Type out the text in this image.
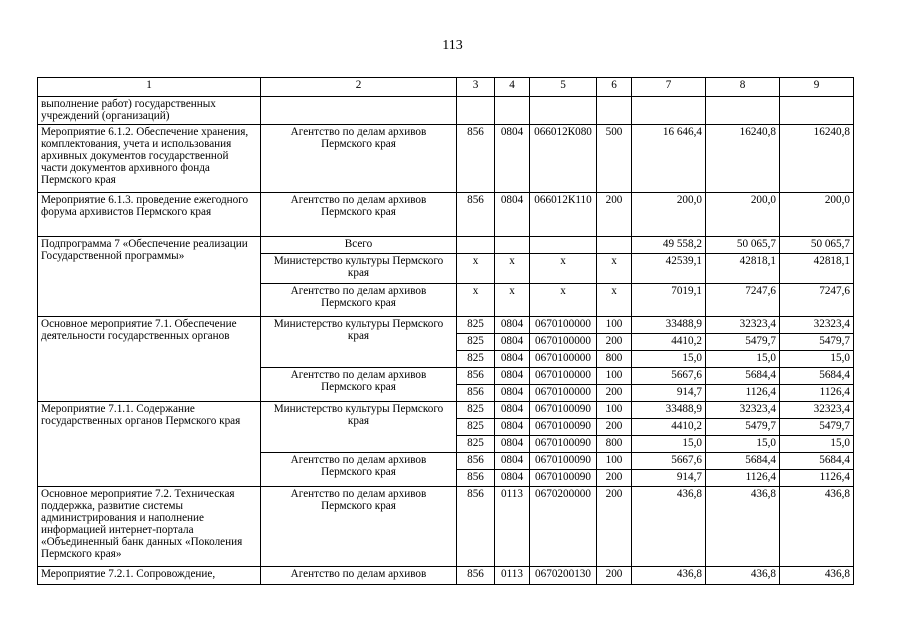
113
1	2	3	4	5	6	7	8	9
выполнение работ) государственных учреждений (организаций)								
Мероприятие 6.1.2. Обеспечение хранения, комплектования, учета и использования архивных документов государственной части документов архивного фонда Пермского края	Агентство по делам архивов Пермского края	856	0804	066012К080	500	16 646,4	16240,8	16240,8
Мероприятие 6.1.3. проведение ежегодного форума архивистов Пермского края	Агентство по делам архивов Пермского края	856	0804	066012К110	200	200,0	200,0	200,0
Подпрограмма 7 «Обеспечение реализации Государственной программы»	Всего					49 558,2	50 065,7	50 065,7
	Министерство культуры Пермского края	x	x	x	x	42539,1	42818,1	42818,1
	Агентство по делам архивов Пермского края	x	x	x	x	7019,1	7247,6	7247,6
Основное мероприятие 7.1. Обеспечение деятельности государственных органов	Министерство культуры Пермского края	825	0804	0670100000	100	33488,9	32323,4	32323,4
		825	0804	0670100000	200	4410,2	5479,7	5479,7
		825	0804	0670100000	800	15,0	15,0	15,0
	Агентство по делам архивов Пермского края	856	0804	0670100000	100	5667,6	5684,4	5684,4
		856	0804	0670100000	200	914,7	1126,4	1126,4
Мероприятие 7.1.1. Содержание государственных органов Пермского края	Министерство культуры Пермского края	825	0804	0670100090	100	33488,9	32323,4	32323,4
		825	0804	0670100090	200	4410,2	5479,7	5479,7
		825	0804	0670100090	800	15,0	15,0	15,0
	Агентство по делам архивов Пермского края	856	0804	0670100090	100	5667,6	5684,4	5684,4
		856	0804	0670100090	200	914,7	1126,4	1126,4
Основное мероприятие 7.2. Техническая поддержка, развитие системы администрирования и наполнение информацией интернет-портала «Объединенный банк данных «Поколения Пермского края»	Агентство по делам архивов Пермского края	856	0113	0670200000	200	436,8	436,8	436,8
Мероприятие 7.2.1. Сопровождение,	Агентство по делам архивов	856	0113	0670200130	200	436,8	436,8	436,8
